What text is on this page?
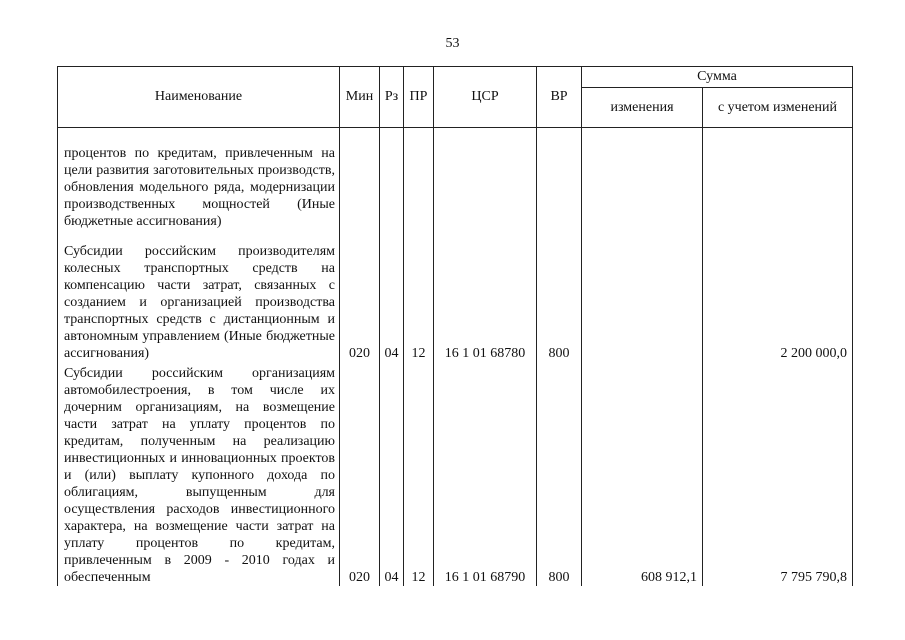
53
Наименование	Мин	Рз	ПР	ЦСР	ВР	Сумма	
						изменения	с учетом изменений

процентов по кредитам, привлеченным на цели развития заготовительных производств, обновления модельного ряда, модернизации производственных мощностей (Иные бюджетные ассигнования)							

Субсидии российским производителям колесных транспортных средств на компенсацию части затрат, связанных с созданием и организацией производства транспортных средств с дистанционным и автономным управлением (Иные бюджетные ассигнования)	020	04	12	16 1 01 68780	800		2 200 000,0

Субсидии российским организациям автомобилестроения, в том числе их дочерним организациям, на возмещение части затрат на уплату процентов по кредитам, полученным на реализацию инвестиционных и инновационных проектов и (или) выплату купонного дохода по облигациям, выпущенным для осуществления расходов инвестиционного характера, на возмещение части затрат на уплату процентов по кредитам, привлеченным в 2009 - 2010 годах и обеспеченным	020	04	12	16 1 01 68790	800	608 912,1	7 795 790,8
